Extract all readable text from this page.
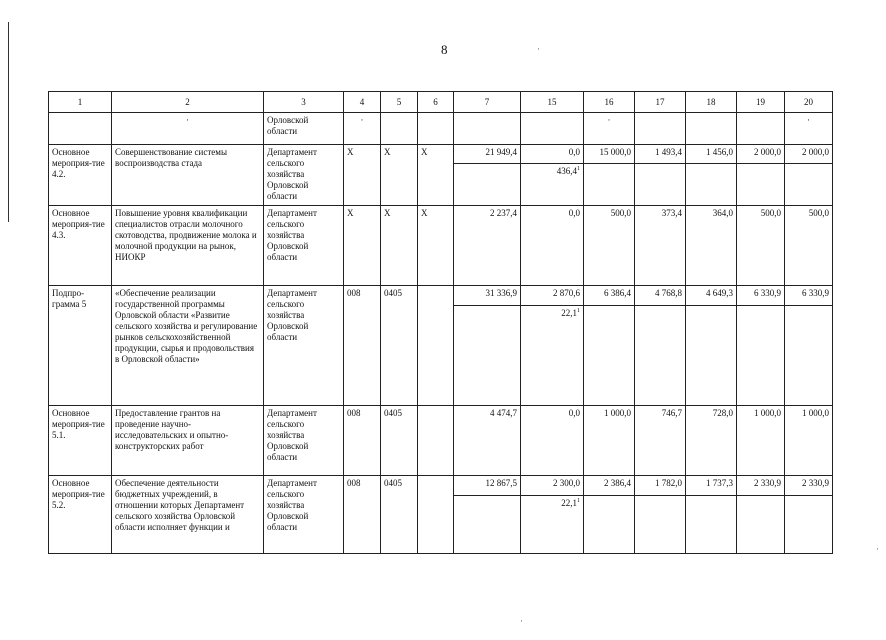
8	·
·
·
1	2	3	4	5	6	7	15	16	17	18	19	20
	·	Орловской области	·					·				·
Основное мероприя-тие 4.2.	Совершенствование системы воспроизводства стада	Департамент сельского хозяйства Орловской области	Х	Х	Х	21 949,4	0,0	15 000,0	1 493,4	1 456,0	2 000,0	2 000,0
							436,4$^1$					
Основное мероприя-тие 4.3.	Повышение уровня квалификации специалистов отрасли молочного скотоводства, продвижение молока и молочной продукции на рынок, НИОКР	Департамент сельского хозяйства Орловской области	Х	Х	Х	2 237,4	0,0	500,0	373,4	364,0	500,0	500,0
Подпро-грамма 5	«Обеспечение реализации государственной программы Орловской области «Развитие сельского хозяйства и регулирование рынков сельскохозяйственной продукции, сырья и продовольствия в Орловской области»	Департамент сельского хозяйства Орловской области	008	0405		31 336,9	2 870,6	6 386,4	4 768,8	4 649,3	6 330,9	6 330,9
							22,1$^1$					
Основное мероприя-тие 5.1.	Предоставление грантов на проведение научно-исследовательских и опытно-конструкторских работ	Департамент сельского хозяйства Орловской области	008	0405		4 474,7	0,0	1 000,0	746,7	728,0	1 000,0	1 000,0
Основное мероприя-тие 5.2.	Обеспечение деятельности бюджетных учреждений, в отношении которых Департамент сельского хозяйства Орловской области исполняет функции и	Департамент сельского хозяйства Орловской области	008	0405		12 867,5	2 300,0	2 386,4	1 782,0	1 737,3	2 330,9	2 330,9
							22,1$^1$					
